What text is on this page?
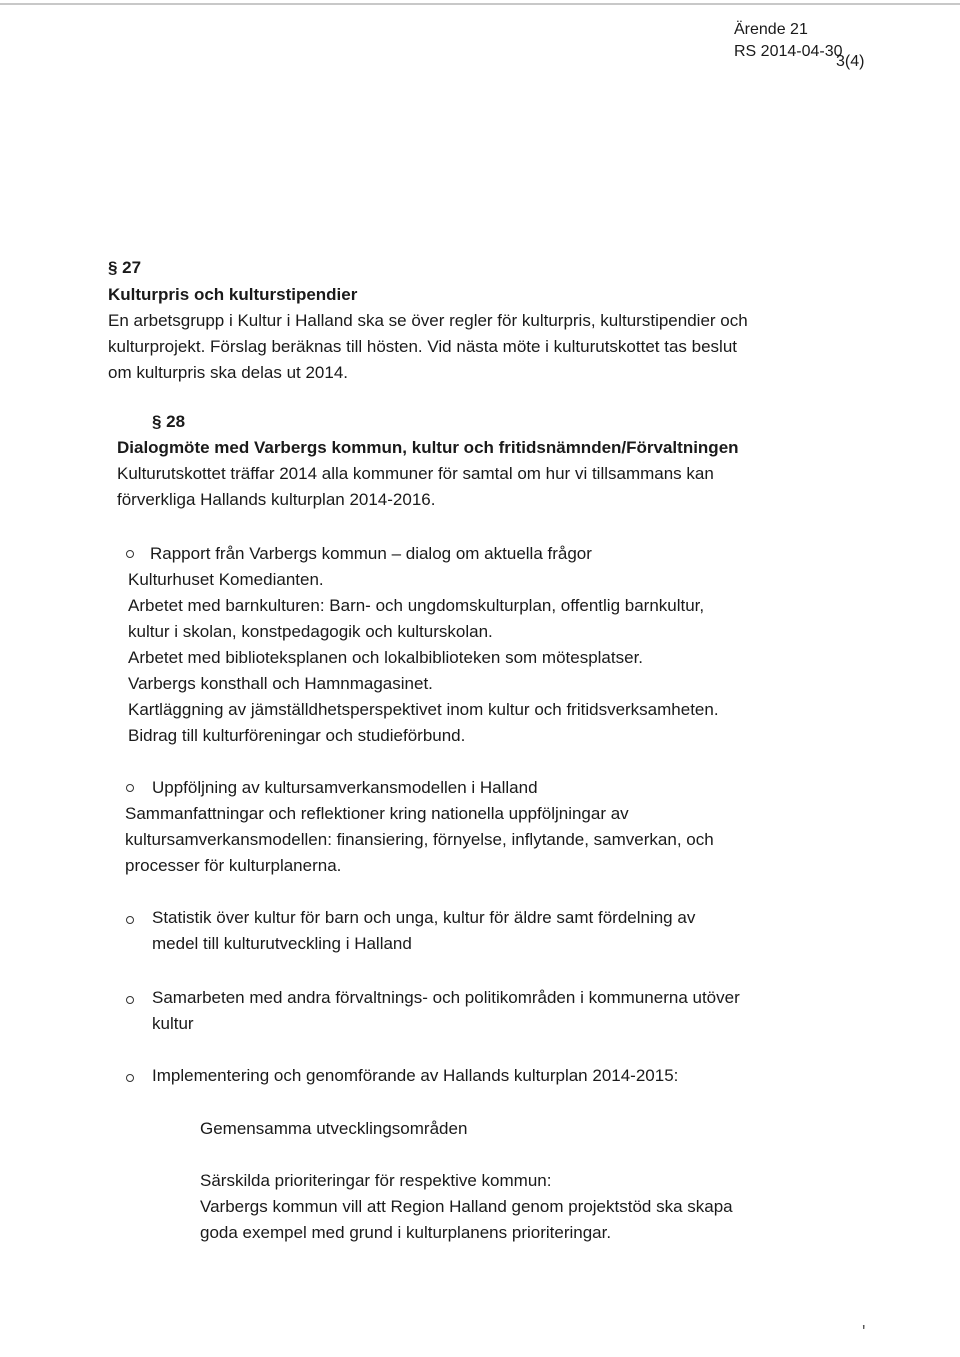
Ärende 21
RS 2014-04-30
3(4)
§ 27
Kulturpris och kulturstipendier
En arbetsgrupp i Kultur i Halland ska se över regler för kulturpris, kulturstipendier och
kulturprojekt. Förslag beräknas till hösten. Vid nästa möte i kulturutskottet tas beslut
om kulturpris ska delas ut 2014.
§ 28
Dialogmöte med Varbergs kommun, kultur och fritidsnämnden/Förvaltningen
Kulturutskottet träffar 2014 alla kommuner för samtal om hur vi tillsammans kan
förverkliga Hallands kulturplan 2014-2016.
Rapport från Varbergs kommun – dialog om aktuella frågor
Kulturhuset Komedianten.
Arbetet med barnkulturen: Barn- och ungdomskulturplan, offentlig barnkultur,
kultur i skolan, konstpedagogik och kulturskolan.
Arbetet med biblioteksplanen och lokalbiblioteken som mötesplatser.
Varbergs konsthall och Hamnmagasinet.
Kartläggning av jämställdhetsperspektivet inom kultur och fritidsverksamheten.
Bidrag till kulturföreningar och studieförbund.
Uppföljning av kultursamverkansmodellen i Halland
Sammanfattningar och reflektioner kring nationella uppföljningar av
kultursamverkansmodellen: finansiering, förnyelse, inflytande, samverkan, och
processer för kulturplanerna.
Statistik över kultur för barn och unga, kultur för äldre samt fördelning av
medel till kulturutveckling i Halland
Samarbeten med andra förvaltnings- och politikområden i kommunerna utöver
kultur
Implementering och genomförande av Hallands kulturplan 2014-2015:
Gemensamma utvecklingsområden
Särskilda prioriteringar för respektive kommun:
Varbergs kommun vill att Region Halland genom projektstöd ska skapa
goda exempel med grund i kulturplanens prioriteringar.
'
